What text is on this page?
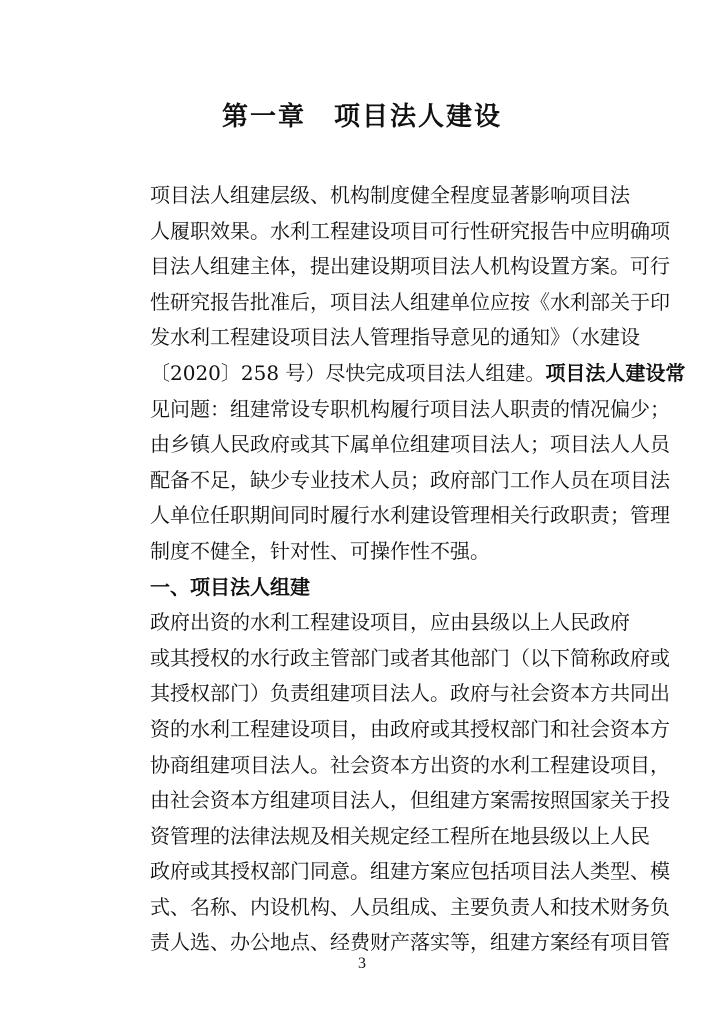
第一章　项目法人建设
项目法人组建层级、机构制度健全程度显著影响项目法
人履职效果。水利工程建设项目可行性研究报告中应明确项
目法人组建主体，提出建设期项目法人机构设置方案。可行
性研究报告批准后，项目法人组建单位应按《水利部关于印
发水利工程建设项目法人管理指导意见的通知》（水建设
〔2020〕258 号）尽快完成项目法人组建。项目法人建设常
见问题：组建常设专职机构履行项目法人职责的情况偏少；
由乡镇人民政府或其下属单位组建项目法人；项目法人人员
配备不足，缺少专业技术人员；政府部门工作人员在项目法
人单位任职期间同时履行水利建设管理相关行政职责；管理
制度不健全，针对性、可操作性不强。
一、项目法人组建
政府出资的水利工程建设项目，应由县级以上人民政府
或其授权的水行政主管部门或者其他部门（以下简称政府或
其授权部门）负责组建项目法人。政府与社会资本方共同出
资的水利工程建设项目，由政府或其授权部门和社会资本方
协商组建项目法人。社会资本方出资的水利工程建设项目，
由社会资本方组建项目法人，但组建方案需按照国家关于投
资管理的法律法规及相关规定经工程所在地县级以上人民
政府或其授权部门同意。组建方案应包括项目法人类型、模
式、名称、内设机构、人员组成、主要负责人和技术财务负
责人选、办公地点、经费财产落实等，组建方案经有项目管
3
